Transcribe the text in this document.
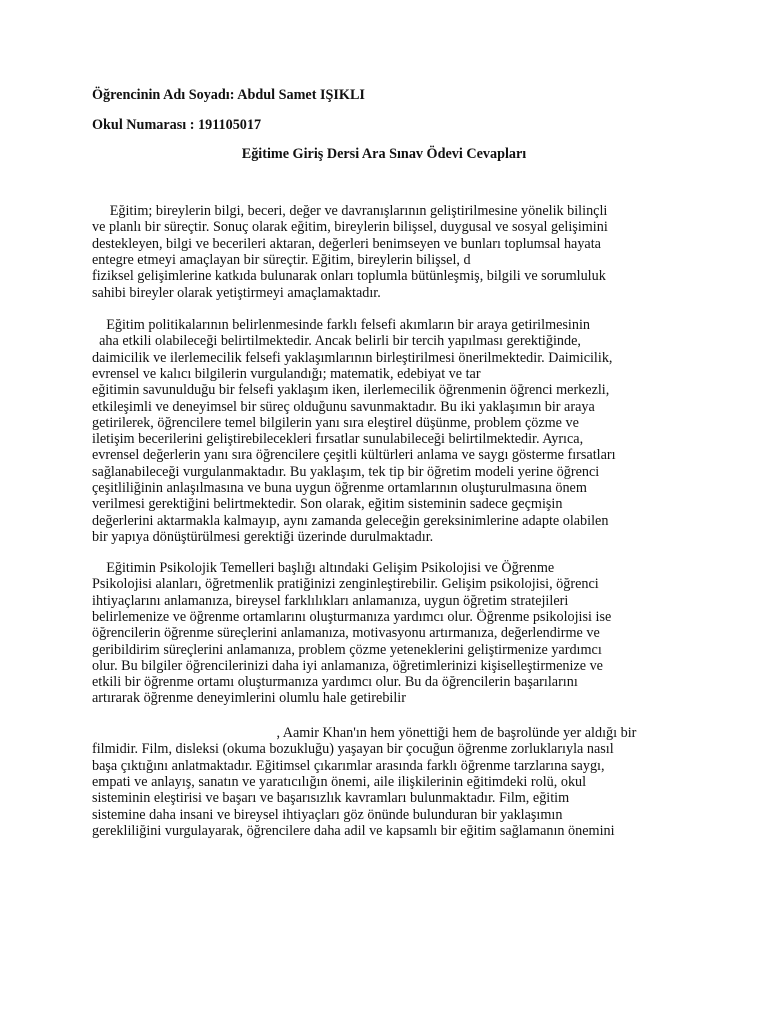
Öğrencinin Adı Soyadı: Abdul Samet IŞIKLI
Okul Numarası : 191105017
Eğitime Giriş Dersi Ara Sınav Ödevi Cevapları
Eğitim; bireylerin bilgi, beceri, değer ve davranışlarının geliştirilmesine yönelik bilinçli
ve planlı bir süreçtir. Sonuç olarak eğitim, bireylerin bilişsel, duygusal ve sosyal gelişimini
destekleyen, bilgi ve becerileri aktaran, değerleri benimseyen ve bunları toplumsal hayata
entegre etmeyi amaçlayan bir süreçtir. Eğitim, bireylerin bilişsel, d
fiziksel gelişimlerine katkıda bulunarak onları toplumla bütünleşmiş, bilgili ve sorumluluk
sahibi bireyler olarak yetiştirmeyi amaçlamaktadır.
Eğitim politikalarının belirlenmesinde farklı felsefi akımların bir araya getirilmesinin
aha etkili olabileceği belirtilmektedir. Ancak belirli bir tercih yapılması gerektiğinde,
daimicilik ve ilerlemecilik felsefi yaklaşımlarının birleştirilmesi önerilmektedir. Daimicilik,
evrensel ve kalıcı bilgilerin vurgulandığı; matematik, edebiyat ve tar
eğitimin savunulduğu bir felsefi yaklaşım iken, ilerlemecilik öğrenmenin öğrenci merkezli,
etkileşimli ve deneyimsel bir süreç olduğunu savunmaktadır. Bu iki yaklaşımın bir araya
getirilerek, öğrencilere temel bilgilerin yanı sıra eleştirel düşünme, problem çözme ve
iletişim becerilerini geliştirebilecekleri fırsatlar sunulabileceği belirtilmektedir. Ayrıca,
evrensel değerlerin yanı sıra öğrencilere çeşitli kültürleri anlama ve saygı gösterme fırsatları
sağlanabileceği vurgulanmaktadır. Bu yaklaşım, tek tip bir öğretim modeli yerine öğrenci
çeşitliliğinin anlaşılmasına ve buna uygun öğrenme ortamlarının oluşturulmasına önem
verilmesi gerektiğini belirtmektedir. Son olarak, eğitim sisteminin sadece geçmişin
değerlerini aktarmakla kalmayıp, aynı zamanda geleceğin gereksinimlerine adapte olabilen
bir yapıya dönüştürülmesi gerektiği üzerinde durulmaktadır.
Eğitimin Psikolojik Temelleri başlığı altındaki Gelişim Psikolojisi ve Öğrenme
Psikolojisi alanları, öğretmenlik pratiğinizi zenginleştirebilir. Gelişim psikolojisi, öğrenci
ihtiyaçlarını anlamanıza, bireysel farklılıkları anlamanıza, uygun öğretim stratejileri
belirlemenize ve öğrenme ortamlarını oluşturmanıza yardımcı olur. Öğrenme psikolojisi ise
öğrencilerin öğrenme süreçlerini anlamanıza, motivasyonu artırmanıza, değerlendirme ve
geribildirim süreçlerini anlamanıza, problem çözme yeteneklerini geliştirmenize yardımcı
olur. Bu bilgiler öğrencilerinizi daha iyi anlamanıza, öğretimlerinizi kişiselleştirmenize ve
etkili bir öğrenme ortamı oluşturmanıza yardımcı olur. Bu da öğrencilerin başarılarını
artırarak öğrenme deneyimlerini olumlu hale getirebilir
, Aamir Khan'ın hem yönettiği hem de başrolünde yer aldığı bir
filmidir. Film, disleksi (okuma bozukluğu) yaşayan bir çocuğun öğrenme zorluklarıyla nasıl
başa çıktığını anlatmaktadır. Eğitimsel çıkarımlar arasında farklı öğrenme tarzlarına saygı,
empati ve anlayış, sanatın ve yaratıcılığın önemi, aile ilişkilerinin eğitimdeki rolü, okul
sisteminin eleştirisi ve başarı ve başarısızlık kavramları bulunmaktadır. Film, eğitim
sistemine daha insani ve bireysel ihtiyaçları göz önünde bulunduran bir yaklaşımın
gerekliliğini vurgulayarak, öğrencilere daha adil ve kapsamlı bir eğitim sağlamanın önemini
